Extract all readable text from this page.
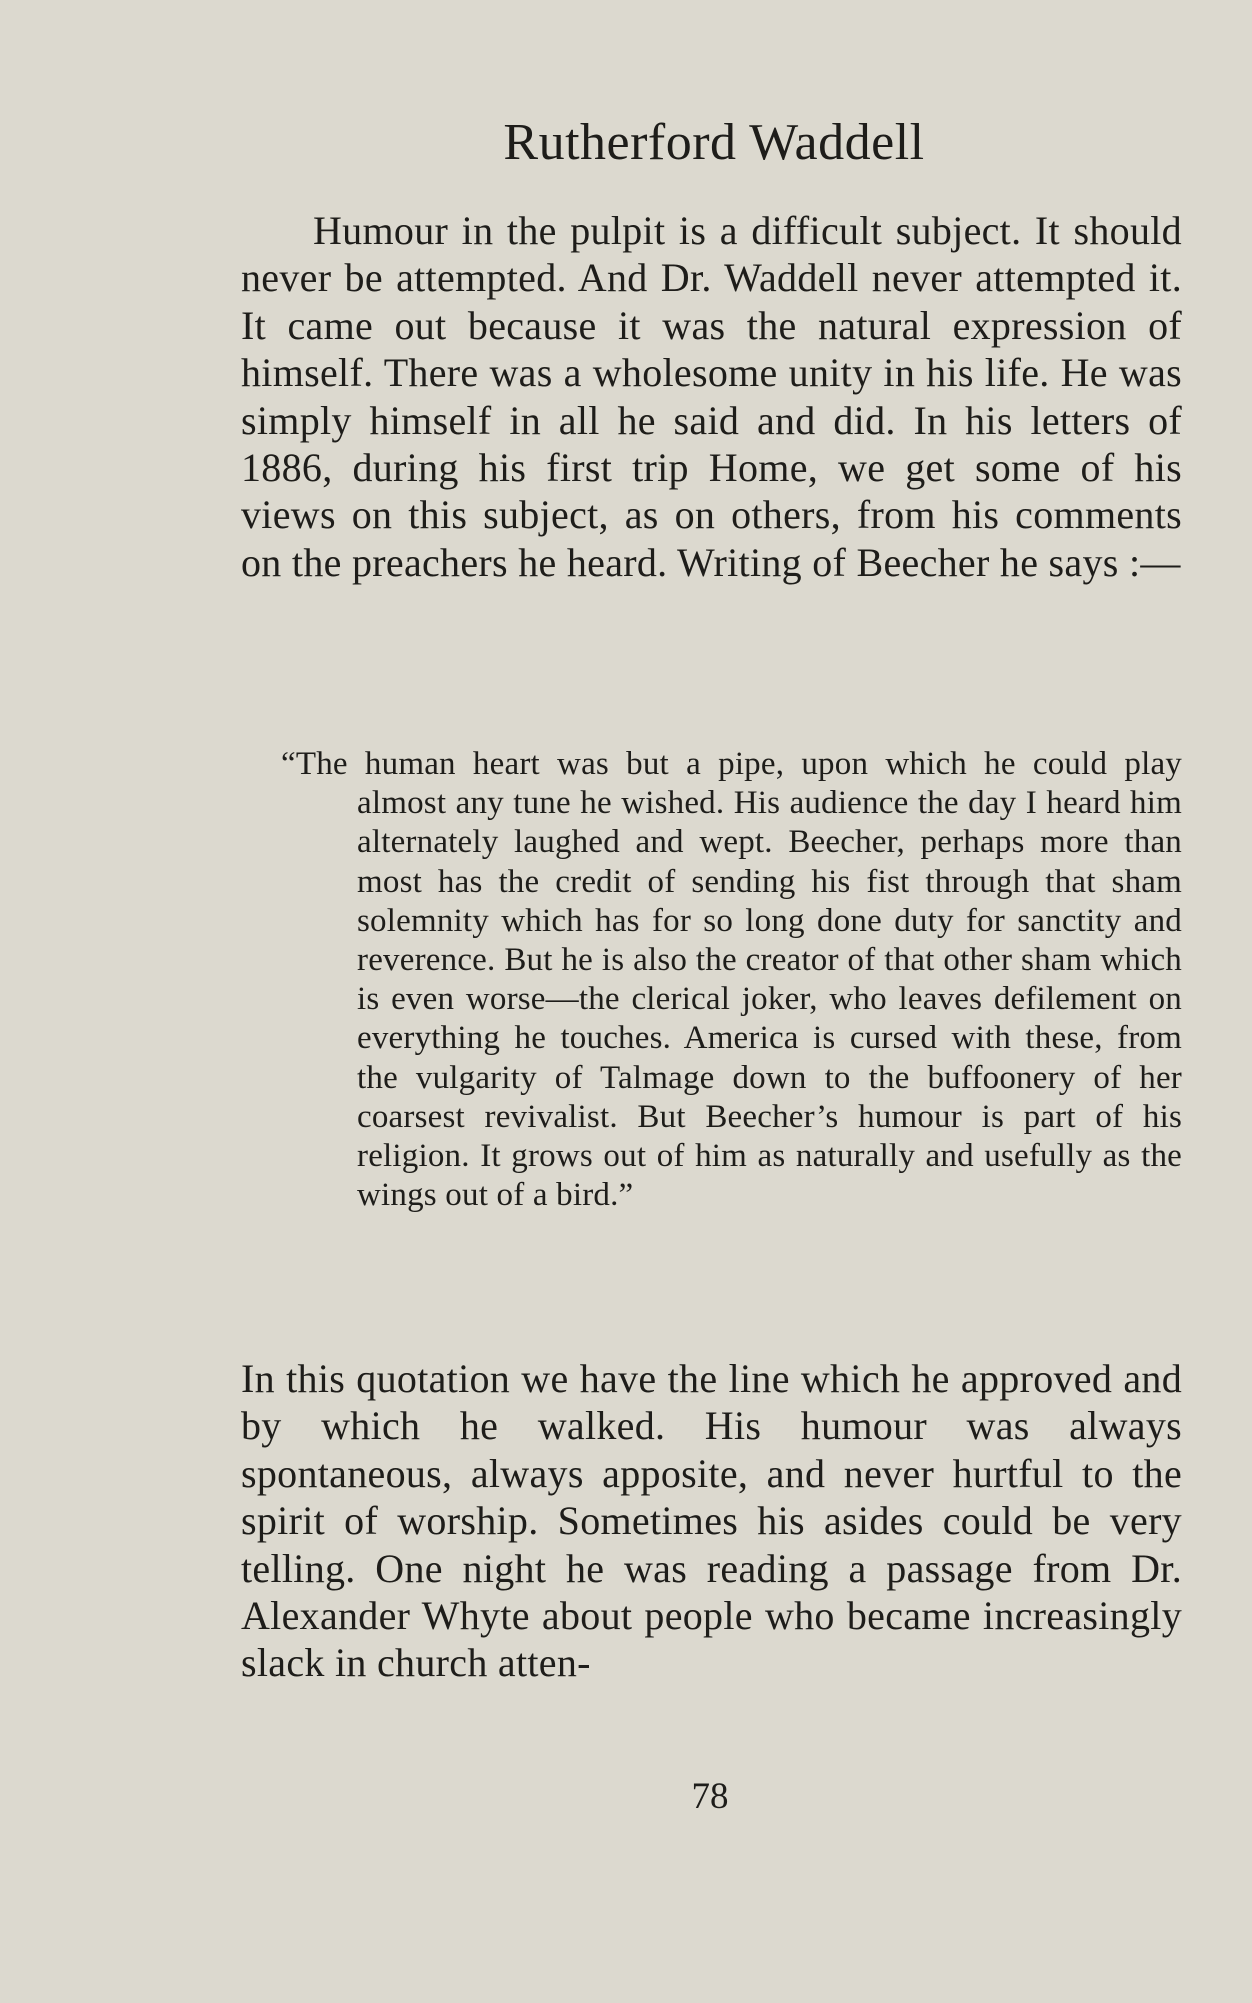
Rutherford Waddell

Humour in the pulpit is a difficult subject. It should never be attempted. And Dr. Waddell never attempted it. It came out because it was the natural expression of himself. There was a wholesome unity in his life. He was simply himself in all he said and did. In his letters of 1886, during his first trip Home, we get some of his views on this subject, as on others, from his comments on the preachers he heard. Writing of Beecher he says :—

“The human heart was but a pipe, upon which he could play almost any tune he wished. His audience the day I heard him alternately laughed and wept. Beecher, perhaps more than most has the credit of sending his fist through that sham solemnity which has for so long done duty for sanctity and reverence. But he is also the creator of that other sham which is even worse—the clerical joker, who leaves defilement on everything he touches. America is cursed with these, from the vulgarity of Talmage down to the buffoonery of her coarsest revivalist. But Beecher’s humour is part of his religion. It grows out of him as naturally and usefully as the wings out of a bird.”

In this quotation we have the line which he approved and by which he walked. His humour was always spontaneous, always apposite, and never hurtful to the spirit of worship. Sometimes his asides could be very telling. One night he was reading a passage from Dr. Alexander Whyte about people who became increasingly slack in church atten-

78
